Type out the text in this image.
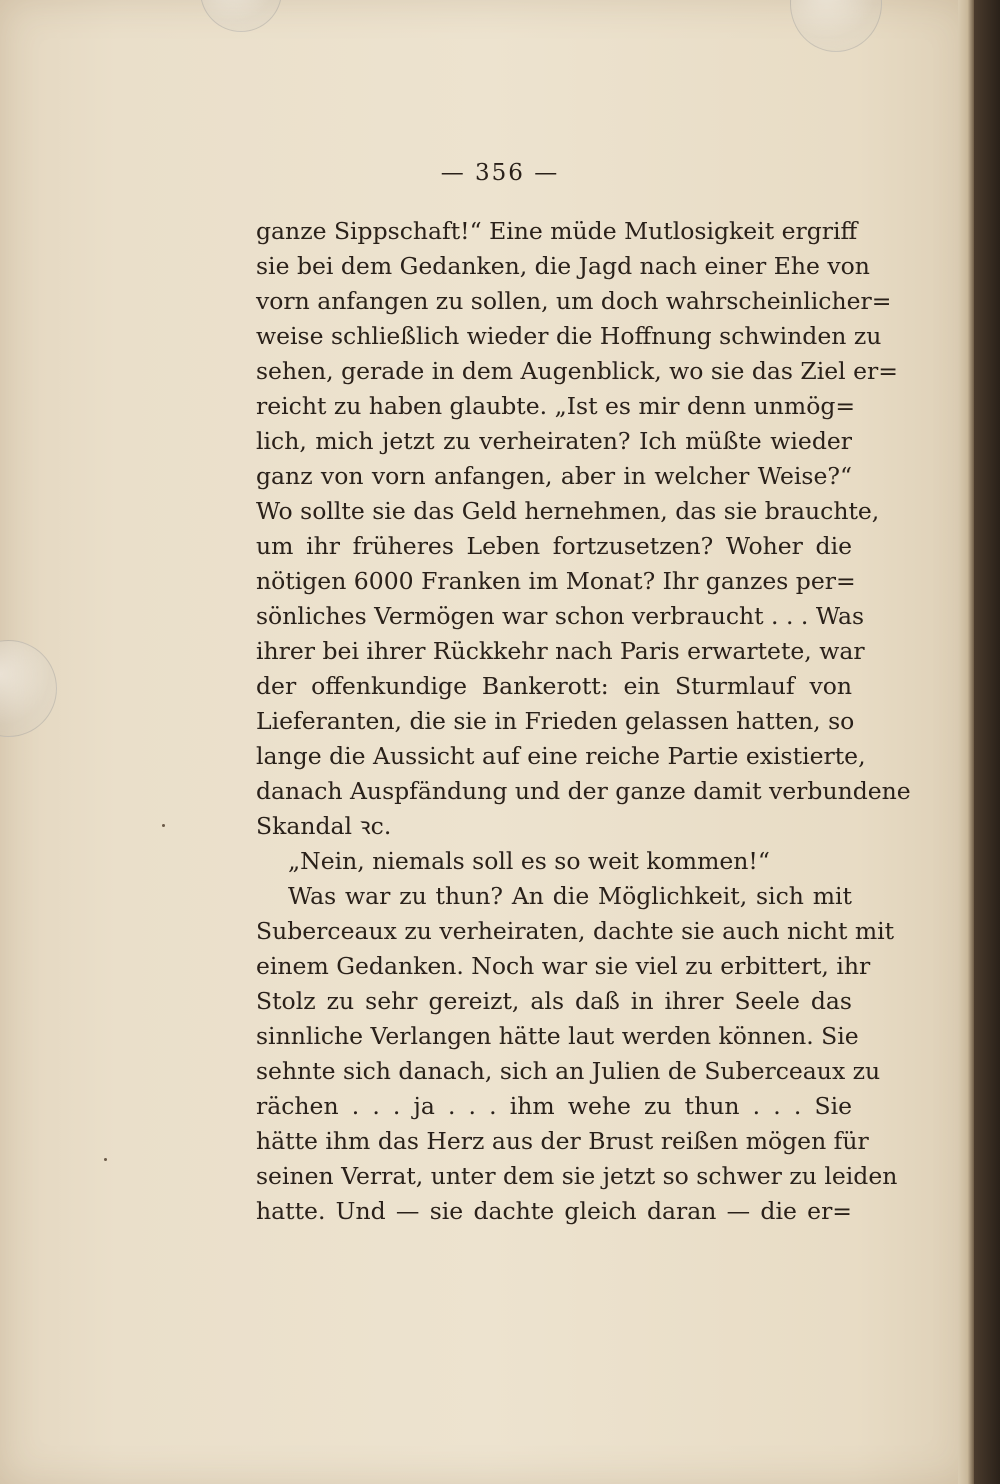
— 356 —
ganze Sippschaft!“ Eine müde Mutlosigkeit ergriff
sie bei dem Gedanken, die Jagd nach einer Ehe von
vorn anfangen zu sollen, um doch wahrscheinlicher=
weise schließlich wieder die Hoffnung schwinden zu
sehen, gerade in dem Augenblick, wo sie das Ziel er=
reicht zu haben glaubte. „Ist es mir denn unmög=
lich, mich jetzt zu verheiraten? Ich müßte wieder
ganz von vorn anfangen, aber in welcher Weise?“
Wo sollte sie das Geld hernehmen, das sie brauchte,
um ihr früheres Leben fortzusetzen? Woher die
nötigen 6000 Franken im Monat? Ihr ganzes per=
sönliches Vermögen war schon verbraucht . . . Was
ihrer bei ihrer Rückkehr nach Paris erwartete, war
der offenkundige Bankerott: ein Sturmlauf von
Lieferanten, die sie in Frieden gelassen hatten, so
lange die Aussicht auf eine reiche Partie existierte,
danach Auspfändung und der ganze damit verbundene
Skandal ꝛc.
„Nein, niemals soll es so weit kommen!“
Was war zu thun? An die Möglichkeit, sich mit
Suberceaux zu verheiraten, dachte sie auch nicht mit
einem Gedanken. Noch war sie viel zu erbittert, ihr
Stolz zu sehr gereizt, als daß in ihrer Seele das
sinnliche Verlangen hätte laut werden können. Sie
sehnte sich danach, sich an Julien de Suberceaux zu
rächen . . . ja . . . ihm wehe zu thun . . . Sie
hätte ihm das Herz aus der Brust reißen mögen für
seinen Verrat, unter dem sie jetzt so schwer zu leiden
hatte. Und — sie dachte gleich daran — die er=
